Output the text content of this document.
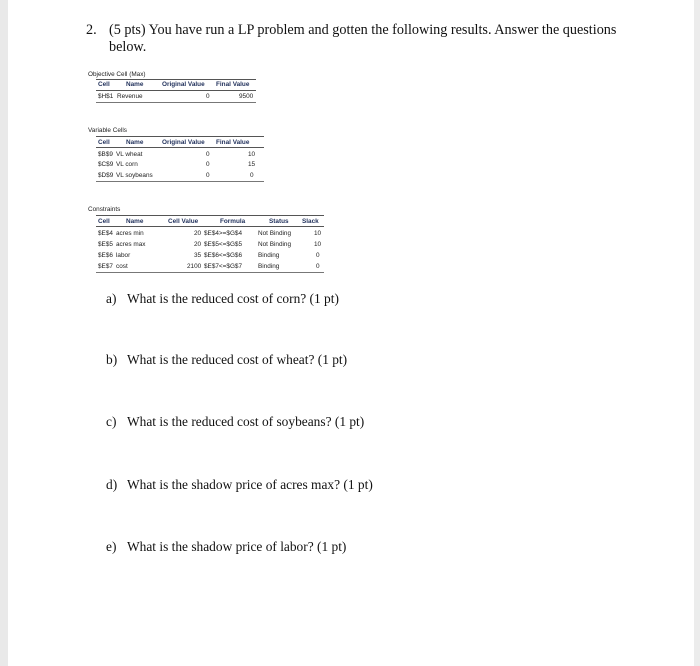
2. (5 pts) You have run a LP problem and gotten the following results. Answer the questions below.
Objective Cell (Max)
Cell	Name	Original Value Final Value
$H$1 Revenue	0	9500
Variable Cells
Cell	Name	Original Value Final Value
$B$9 VL wheat	0	10
$C$9 VL corn	0	15
$D$9 VL soybeans	0	0
Constraints
Cell	Name	Cell Value	Formula	Status Slack
$E$4 acres min	20 $E$4>=$G$4 Not Binding	10
$E$5 acres max	20 $E$5<=$G$5 Not Binding	10
$E$6 labor	35 $E$6<=$G$6 Binding	0
$E$7 cost	2100 $E$7<=$G$7 Binding	0
a) What is the reduced cost of corn? (1 pt)
b) What is the reduced cost of wheat? (1 pt)
c) What is the reduced cost of soybeans? (1 pt)
d) What is the shadow price of acres max? (1 pt)
e) What is the shadow price of labor? (1 pt)
